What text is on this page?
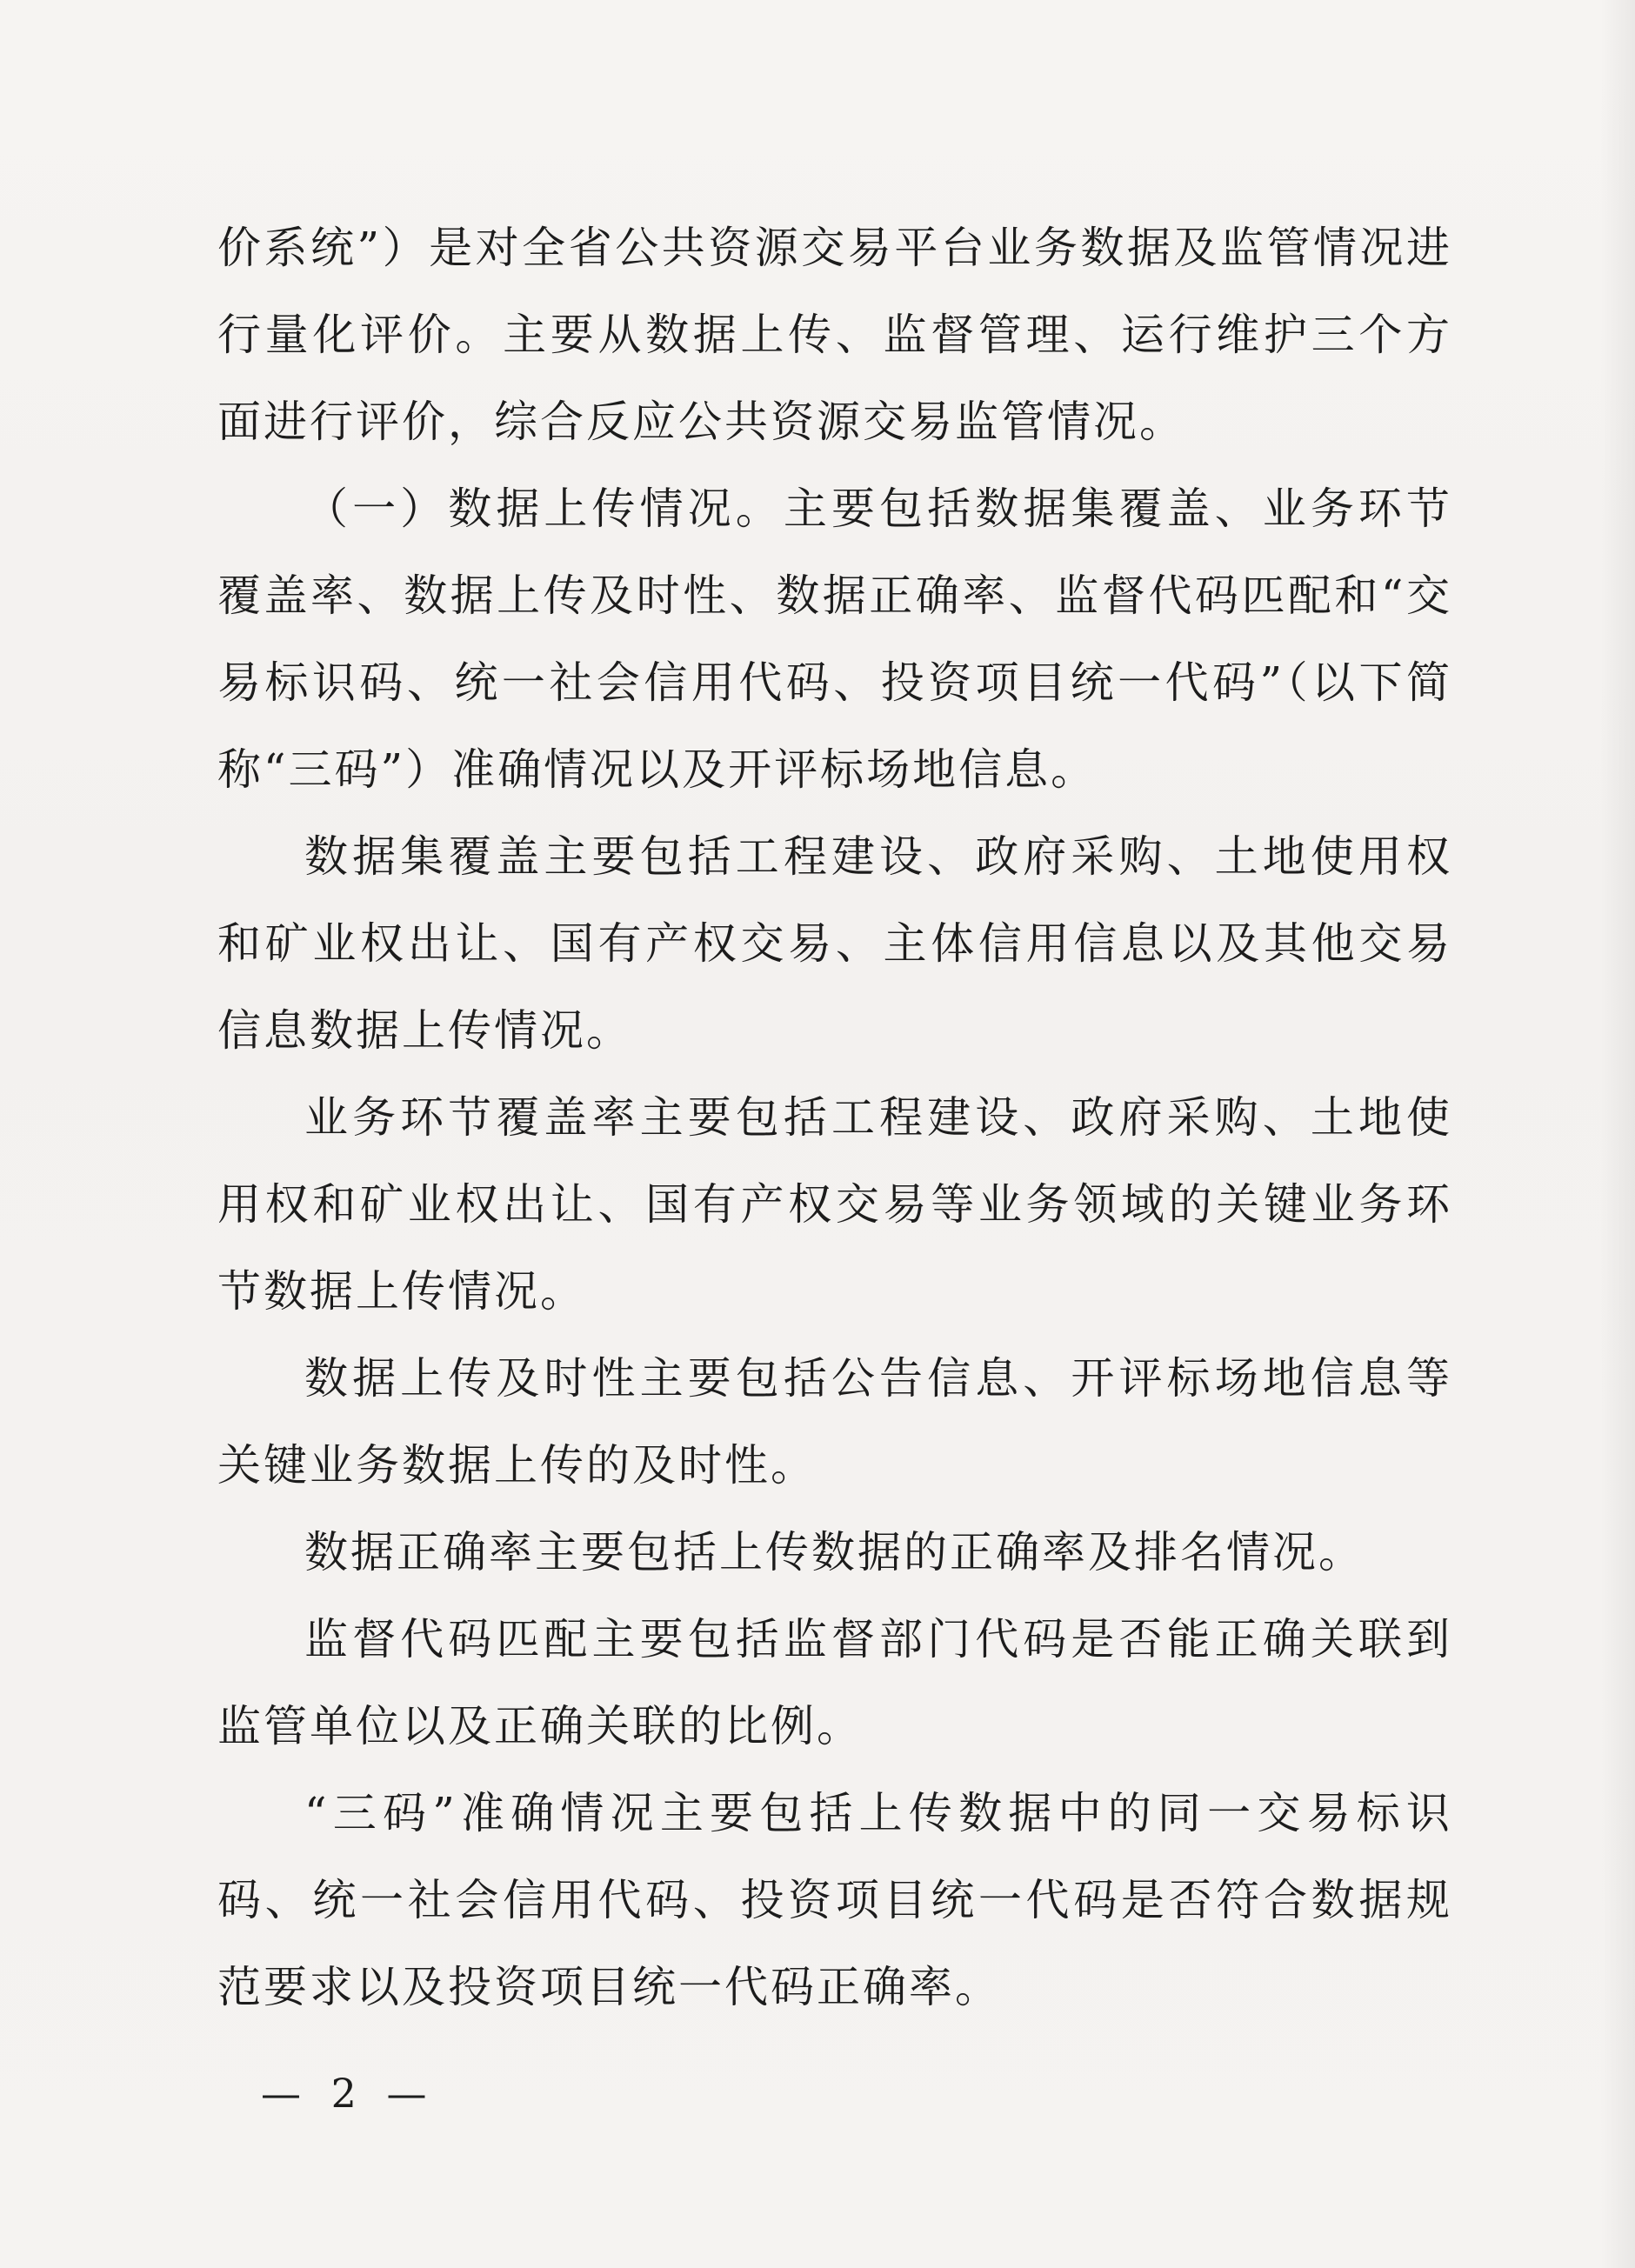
价系统”）是对全省公共资源交易平台业务数据及监管情况进行量化评价。主要从数据上传、监督管理、运行维护三个方面进行评价，综合反应公共资源交易监管情况。

（一）数据上传情况。主要包括数据集覆盖、业务环节覆盖率、数据上传及时性、数据正确率、监督代码匹配和“交易标识码、统一社会信用代码、投资项目统一代码”（以下简称“三码”）准确情况以及开评标场地信息。

数据集覆盖主要包括工程建设、政府采购、土地使用权和矿业权出让、国有产权交易、主体信用信息以及其他交易信息数据上传情况。

业务环节覆盖率主要包括工程建设、政府采购、土地使用权和矿业权出让、国有产权交易等业务领域的关键业务环节数据上传情况。

数据上传及时性主要包括公告信息、开评标场地信息等关键业务数据上传的及时性。

数据正确率主要包括上传数据的正确率及排名情况。

监督代码匹配主要包括监督部门代码是否能正确关联到监管单位以及正确关联的比例。

“三码”准确情况主要包括上传数据中的同一交易标识码、统一社会信用代码、投资项目统一代码是否符合数据规范要求以及投资项目统一代码正确率。

— 2 —
